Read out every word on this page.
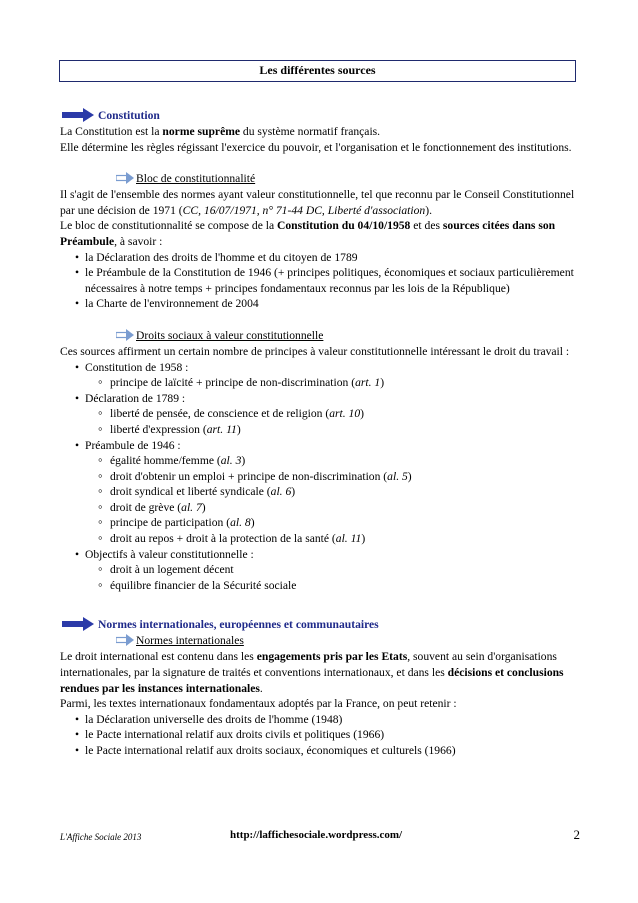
Les différentes sources
Constitution

La Constitution est la norme suprême du système normatif français.

Elle détermine les règles régissant l'exercice du pouvoir, et l'organisation et le fonctionnement des institutions.

Bloc de constitutionnalité

Il s'agit de l'ensemble des normes ayant valeur constitutionnelle, tel que reconnu par le Conseil Constitutionnel par une décision de 1971 (CC, 16/07/1971, n° 71-44 DC, Liberté d'association).

Le bloc de constitutionnalité se compose de la Constitution du 04/10/1958 et des sources citées dans son Préambule, à savoir :

• la Déclaration des droits de l'homme et du citoyen de 1789
• le Préambule de la Constitution de 1946 (+ principes politiques, économiques et sociaux particulièrement nécessaires à notre temps + principes fondamentaux reconnus par les lois de la République)
• la Charte de l'environnement de 2004
Droits sociaux à valeur constitutionnelle

Ces sources affirment un certain nombre de principes à valeur constitutionnelle intéressant le droit du travail :

• Constitution de 1958 :
◦ principe de laïcité + principe de non-discrimination (art. 1)
• Déclaration de 1789 :
◦ liberté de pensée, de conscience et de religion (art. 10)
◦ liberté d'expression (art. 11)
• Préambule de 1946 :
◦ égalité homme/femme (al. 3)
◦ droit d'obtenir un emploi + principe de non-discrimination (al. 5)
◦ droit syndical et liberté syndicale (al. 6)
◦ droit de grève (al. 7)
◦ principe de participation (al. 8)
◦ droit au repos + droit à la protection de la santé (al. 11)
• Objectifs à valeur constitutionnelle :
◦ droit à un logement décent
◦ équilibre financier de la Sécurité sociale
Normes internationales, européennes et communautaires
Normes internationales

Le droit international est contenu dans les engagements pris par les Etats, souvent au sein d'organisations internationales, par la signature de traités et conventions internationaux, et dans les décisions et conclusions rendues par les instances internationales.

Parmi, les textes internationaux fondamentaux adoptés par la France, on peut retenir :

• la Déclaration universelle des droits de l'homme (1948)
• le Pacte international relatif aux droits civils et politiques (1966)
• le Pacte international relatif aux droits sociaux, économiques et culturels (1966)
L'Affiche Sociale 2013	http://laffichesociale.wordpress.com/	2
